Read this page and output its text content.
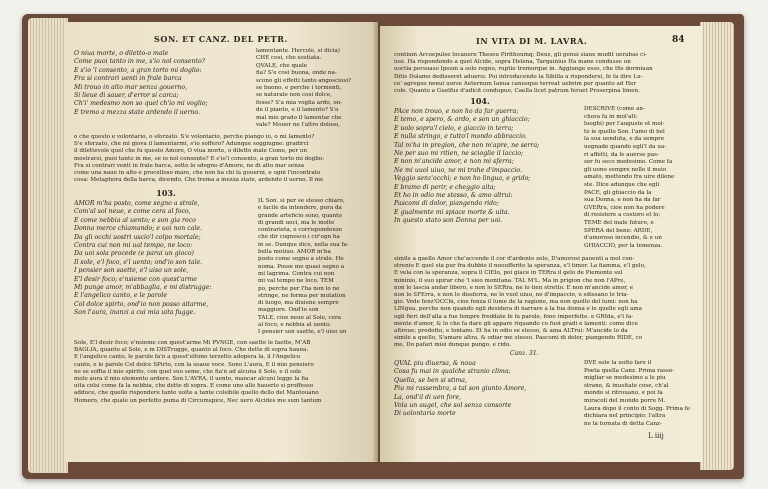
SON. ET CANZ. DEL PETR.
O niua morte, o diletto-o male
Come puoi tanto in me, s'io nol consento?
E s'io 'l consento, a gran torto mi doglio:
Fra si contrari uenti in frale barca
Mi trouo in alto mar senza gouerno,
Si lieue di sauer, d'error si carca;
Ch'i' medesmo non so quel ch'io mi voglio;
E tremo a mezza state ardendo il uerno.
lamentante. Hercole, si dicia)
CHE cosi, che sostiata.
QVALE, che quale
fia? S'e cosi buona, onde na-
scono gli effetti tanto angosciosi?
se buono, e perche i tormenti,
se naturale non cosi dolce,
fosse? S'a mia voglia ardo, on-
de il pianto, e il lamento? S'a
mal mio grado il lamentar che
vale? Mouer ne l'altro doloso,
o che questo e volontario, o sforzato. S'e volontario, perche piango io, o mi lamento?
S'e sforzato, che mi giova il lamentarmi, s'io soffero? Adunque soggiugne: gradirci
il dilettevole quel che fu questo Amore, O viua morte, o diletto male Come, per un
mostrarsi, puoi tanto in me, se io nol consento? E s'io'l consento, a gran torto mi doglio:
Fra si contrari venti in frale barca, sotto lo sdegno d'Amore, ne di alto mar senza
come una naue in alto e procelloso mare, che non ha chi la gouerni, e ogni l'incontrato
cosa: Metaphora della barca, dicendo, Che trema a mezza state, ardendo il uerno. Il me
103.
AMOR m'ha posto, come segno a strale,
Com'al sol neue, e come cera al foco,
E come nebbia al uento; e son gia roco
Donna merce chiamando; e uoi non cale.
Da gli occhi uostri uscio'l colpo mortale;
Contra cui non mi ual tempo, ne loco:
Da uoi sola procede (e parui un gioco)
Il sole, e'l foco, e'l uento; ond'io son tale.
I pensier son saette, e'l uiso un sole,
E'l desir foco; e'nsieme con quest'arme
Mi punge amor, m'abbaglia, e mi distrugge:
E l'angelico canto, e le parole
Col dolce spirto, ond'io non posso aitarme,
Son l'aura, inanzi a cui mia uita fugge.
IL Son. si per se stesso chiaro,
e facile da intendere, pura da
grande arteficio sono, quanto
di grandi uoci, ma le molte
contrarieta, e corrispondenze
che dir cognosco i cir'ogn ha
in se. Dunque dice, nella sua fa-
bella motiuo. AMOR m'ha
posto come segno a strale. He
noma. Posse me quasi segno a
mi lagrima. Contra cui non
mi val tempo ne loco. TEM
po, perche per l'ha non lo ne
stringe, ne forma per mutation
di luogo, ma diuiene sempre
maggiore. Ond'io son
TALE, cioe neue al Sole, cera
al foco, e nebbia al uento.
I pensier son saette, e'l uiso un
Sole, E'l desir foco; e'nsieme con quest'arme Mi PVNGE, con saette le faette, M'AB
BAGLIA, quanto al Sole, e m DISTrugge, quanto al foco. Che dette di sopra hauea.
E l'angelico canto, le parole fa'n a quest'ultimo terzetto adopera la, il l'Angelico
canto, e le parole Col dolce SPirto, con la soaue voce. Sono L'aura, E il mio pensiero
ne se soffia il mio spirito, con quel suo seme, che fia'n ad alcuna il Sole, e il sole
mole aura il mio elemento ardere. Son L'AVRA, il uento, mancar alcuni legge la fia
uita colsi come fa la nebbia, che dette di sopra. E come uno alle hauerlo si proffesso
adduce, che quello rispondere tante uolte a tante colsibile quello dello del Mantouano
Homero, che quale un perfetto puma di Circumspice, Nec uero Alcides me sum tantum
IN VITA DI M. LAVRA.	84
contium Arcoepulse locauere Theseu Pirithoumq; Deus, gli genui siane mudit uerabas ci-
iosi. Ha rispondendo a quel Alcide, sopra Helena, Tarquinius Ha mane condusse un
uoctia persuaso Ipsum a solo regno, ruptio tremorque in. Aggiunge esso, che Ifis dormiuan
Ditis Dolamo dedisseret aduersi. Poi introducendo la Sibilla a rispondersi, fe fa dire Lu-
ce' agregus nenui uorse Aeternum Ianua canesque terreat uebrim per quanto ad Her
cole. Quanto a Guelfus d'adicit condupuo, Caella licet patrum feruet Proserpina limen.
104.
PAce non trouo, e non ho da far guerra;
E temo, e spero, & ardo, e son un ghiaccio;
E uolo sopra'l cielo, e giaccio in terra;
E nulla stringo, e tutto'l mondo abbraccio.
Tal m'ha in pregion, che non m'apre, ne serra;
Ne per suo mi ritien, ne scioglie il laccio;
E non m'ancide amor, e non mi sferra;
Ne mi uuol uiuo, ne mi trahe d'impaccio.
Veggio senz'occhi; e non ho lingua, e grido;
E bramo di perir, e cheggio aita;
Et ho in odio me stesso, & amo altrui:
Pascomi di dolor, piangendo rido;
E gualmente mi spiace morte & uita.
In questo stato son Donna per uoi.
DESCRIVE (come an-
chora fa in mol'alt-
luoghi) per l'auguste et mol-
to ie quello Son. l'amo di bel
la sua uenduta, e da sempre
uegnade quando egli'l da ua-
ri affetti, da le auerse pas-
ser fu seco medesimo. Come fa
gli uono sempre nelle il meio
amato, mettendo fra uire dilene
ste. Dice adunque che egli
PACE, gli ghiaccio da la
sua Donna, e non ha da far
GVERra, cioe non ha podere
di resistere a costoro et lo;
TEME del male futuro, e
SPERA del bene: ARDE,
d'amoroso incendio, & e un
GHIACCIO, per la temenza.
simile a quello Amor che'accende il cor d'ardente zelo, D'amorosi pauenti a mol con-
strenio E quel sta pur fra dubbio il nuoufferito la speranza, e'l timor. La fiamma, e'l gelo,
E vela con la speranza, sopra il CIElo, poi giace in TERra il gelo de Piemonte sul
mininio, il suo spirar che 'l sieo monitana. TAL M'L. Ma in prigion che non l'APre,
non lo lascia andar libero, e non lo SERra, ne lo tien stretto. E non m'ancide amor, e
non lo SFErra, e non lo dissferra, ne lo vuol uiuo, ne d'impaccio, e sdissano lo tria-
gio. Vede fenz'OCChi, cioe fenza il lume de la ragione, ma non quello del lumi: non ha
LINgua, perche non quando egli desidera di narrare a la fua donna e le quelle egli ama
ogli fieri dell'alla a fue fempre freddate fe fa parole, fono imperfette. e GRIda, e'l fa-
mente d'amor, & lo che fa dare gli appare riquando co fuoi gradi e lamenti: come dice
altroue; prodotto, e lontano. Et ha in odio se stesso, & ama ALTrui: M'ancide lo da
simile a quello, S'amare altra, & odiar me stesso. Pascomi di dolor, piangendo RIDE, co
me, Do pafari miei dunque pungo, e rido.
Canz. 31.
QVAL piu diuersa, & noua
Cosa fu mai in qualche stranio clima;
Quella, se ben si stima,
Piu mi rassembra, a tal son giunto Amore,
La, ond'il di uen fore,
Vola un augel, che sol senza consorte
Di uolontaria morte
DVE sole la uolto fare il
Poeta quella Canz. Prima rasso-
migliar se medesimo a le piu
strane, & inusitate cose, ch'al
mondo si ritrouano, e poi fa
miracoli del mondo porre M.
Laura dopo il conto di Sogg. Prima fe
dichiara nel principio: l'altra
ne la tornata di detta Canz-
L iiij
